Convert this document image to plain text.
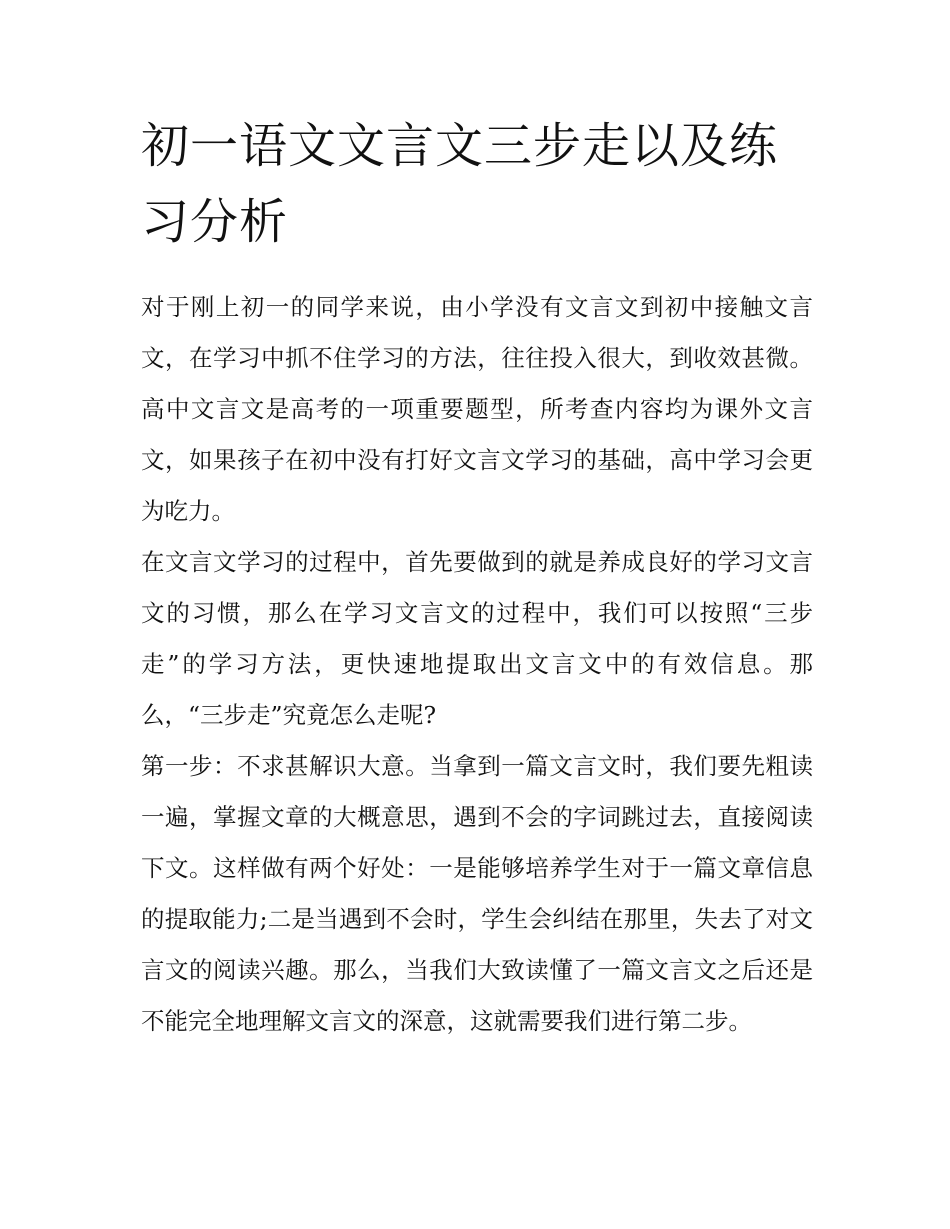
初一语文文言文三步走以及练习分析

对于刚上初一的同学来说，由小学没有文言文到初中接触文言文，在学习中抓不住学习的方法，往往投入很大，到收效甚微。高中文言文是高考的一项重要题型，所考查内容均为课外文言文，如果孩子在初中没有打好文言文学习的基础，高中学习会更为吃力。

在文言文学习的过程中，首先要做到的就是养成良好的学习文言文的习惯，那么在学习文言文的过程中，我们可以按照“三步走”的学习方法，更快速地提取出文言文中的有效信息。那么，“三步走”究竟怎么走呢?

第一步：不求甚解识大意。当拿到一篇文言文时，我们要先粗读一遍，掌握文章的大概意思，遇到不会的字词跳过去，直接阅读下文。这样做有两个好处：一是能够培养学生对于一篇文章信息的提取能力;二是当遇到不会时，学生会纠结在那里，失去了对文言文的阅读兴趣。那么，当我们大致读懂了一篇文言文之后还是不能完全地理解文言文的深意，这就需要我们进行第二步。
